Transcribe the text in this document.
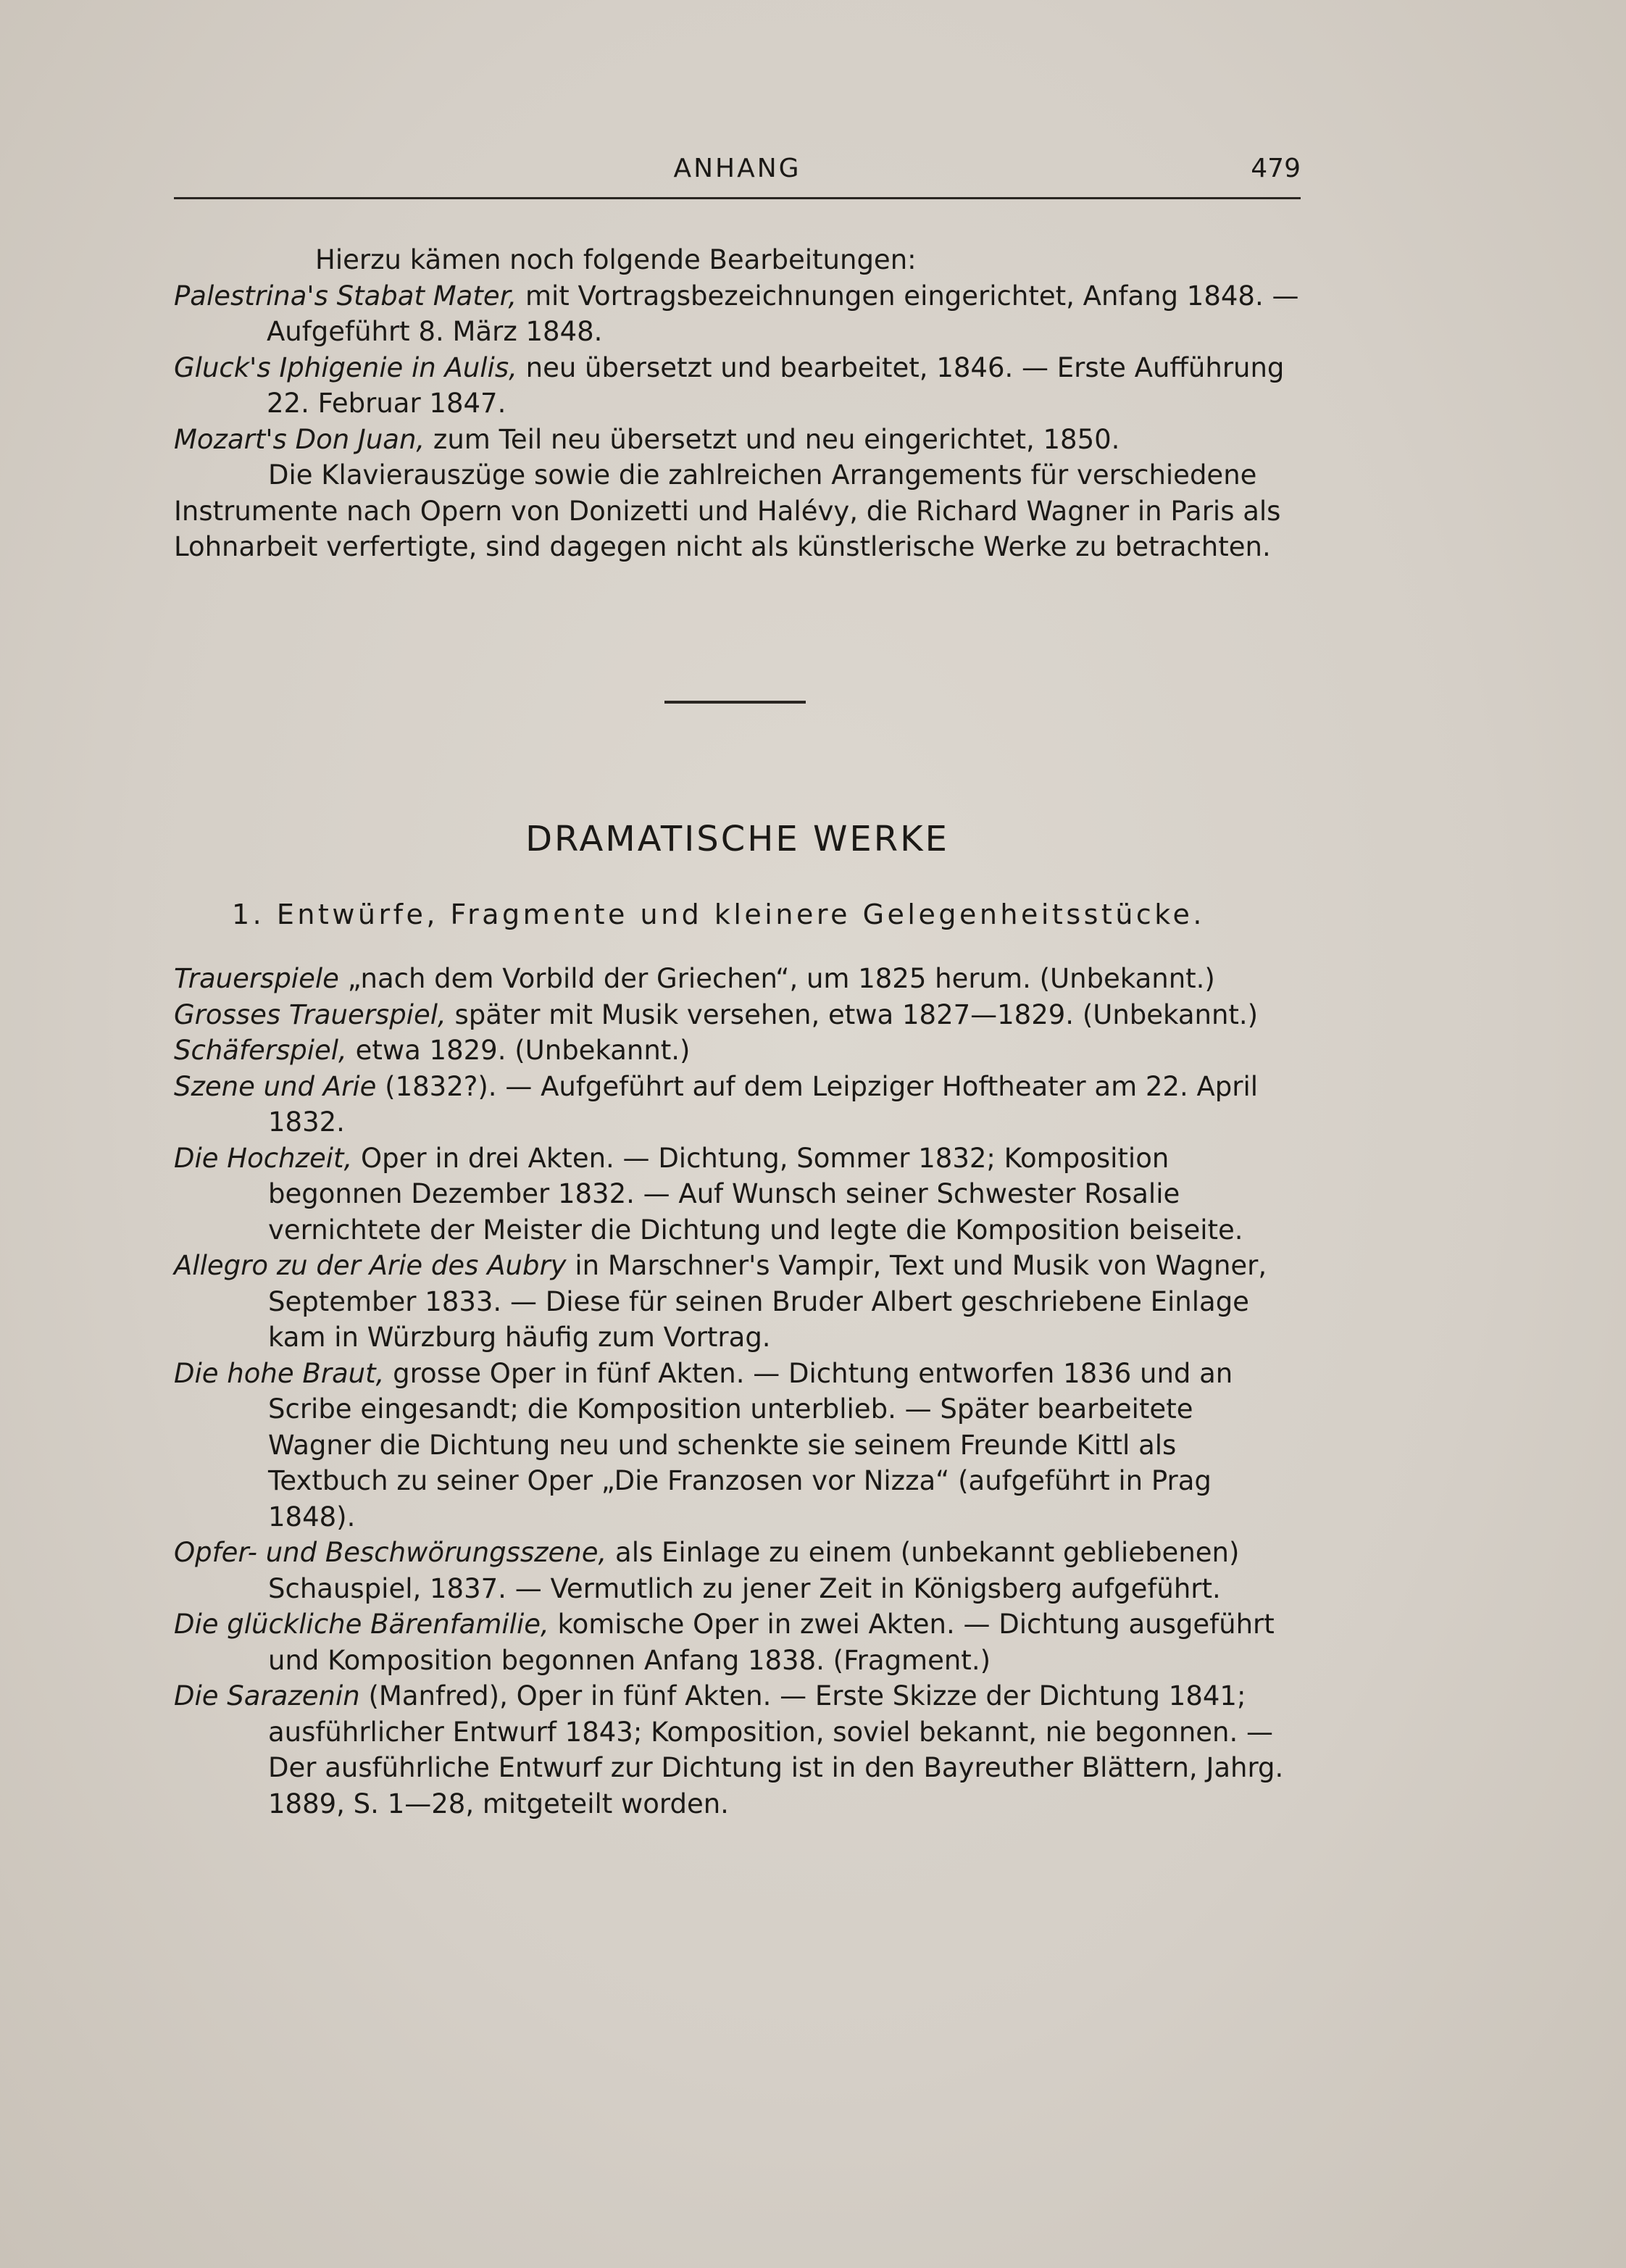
ANHANG	479
Hierzu kämen noch folgende Bearbeitungen:
Palestrina's Stabat Mater, mit Vortragsbezeichnungen eingerichtet, Anfang 1848. — Aufgeführt 8. März 1848.
Gluck's Iphigenie in Aulis, neu übersetzt und bearbeitet, 1846. — Erste Aufführung 22. Februar 1847.
Mozart's Don Juan, zum Teil neu übersetzt und neu eingerichtet, 1850.
Die Klavierauszüge sowie die zahlreichen Arrangements für verschiedene Instrumente nach Opern von Donizetti und Halévy, die Richard Wagner in Paris als Lohnarbeit verfertigte, sind dagegen nicht als künstlerische Werke zu betrachten.
DRAMATISCHE WERKE
1. Entwürfe, Fragmente und kleinere Gelegenheitsstücke.
Trauerspiele „nach dem Vorbild der Griechen“, um 1825 herum. (Unbekannt.)
Grosses Trauerspiel, später mit Musik versehen, etwa 1827—1829. (Unbekannt.)
Schäferspiel, etwa 1829. (Unbekannt.)
Szene und Arie (1832?). — Aufgeführt auf dem Leipziger Hoftheater am 22. April 1832.
Die Hochzeit, Oper in drei Akten. — Dichtung, Sommer 1832; Komposition begonnen Dezember 1832. — Auf Wunsch seiner Schwester Rosalie vernichtete der Meister die Dichtung und legte die Komposition beiseite.
Allegro zu der Arie des Aubry in Marschner's Vampir, Text und Musik von Wagner, September 1833. — Diese für seinen Bruder Albert geschriebene Einlage kam in Würzburg häufig zum Vortrag.
Die hohe Braut, grosse Oper in fünf Akten. — Dichtung entworfen 1836 und an Scribe eingesandt; die Komposition unterblieb. — Später bearbeitete Wagner die Dichtung neu und schenkte sie seinem Freunde Kittl als Textbuch zu seiner Oper „Die Franzosen vor Nizza“ (aufgeführt in Prag 1848).
Opfer- und Beschwörungsszene, als Einlage zu einem (unbekannt gebliebenen) Schauspiel, 1837. — Vermutlich zu jener Zeit in Königsberg aufgeführt.
Die glückliche Bärenfamilie, komische Oper in zwei Akten. — Dichtung ausgeführt und Komposition begonnen Anfang 1838. (Fragment.)
Die Sarazenin (Manfred), Oper in fünf Akten. — Erste Skizze der Dichtung 1841; ausführlicher Entwurf 1843; Komposition, soviel bekannt, nie begonnen. — Der ausführliche Entwurf zur Dichtung ist in den Bayreuther Blättern, Jahrg. 1889, S. 1—28, mitgeteilt worden.
